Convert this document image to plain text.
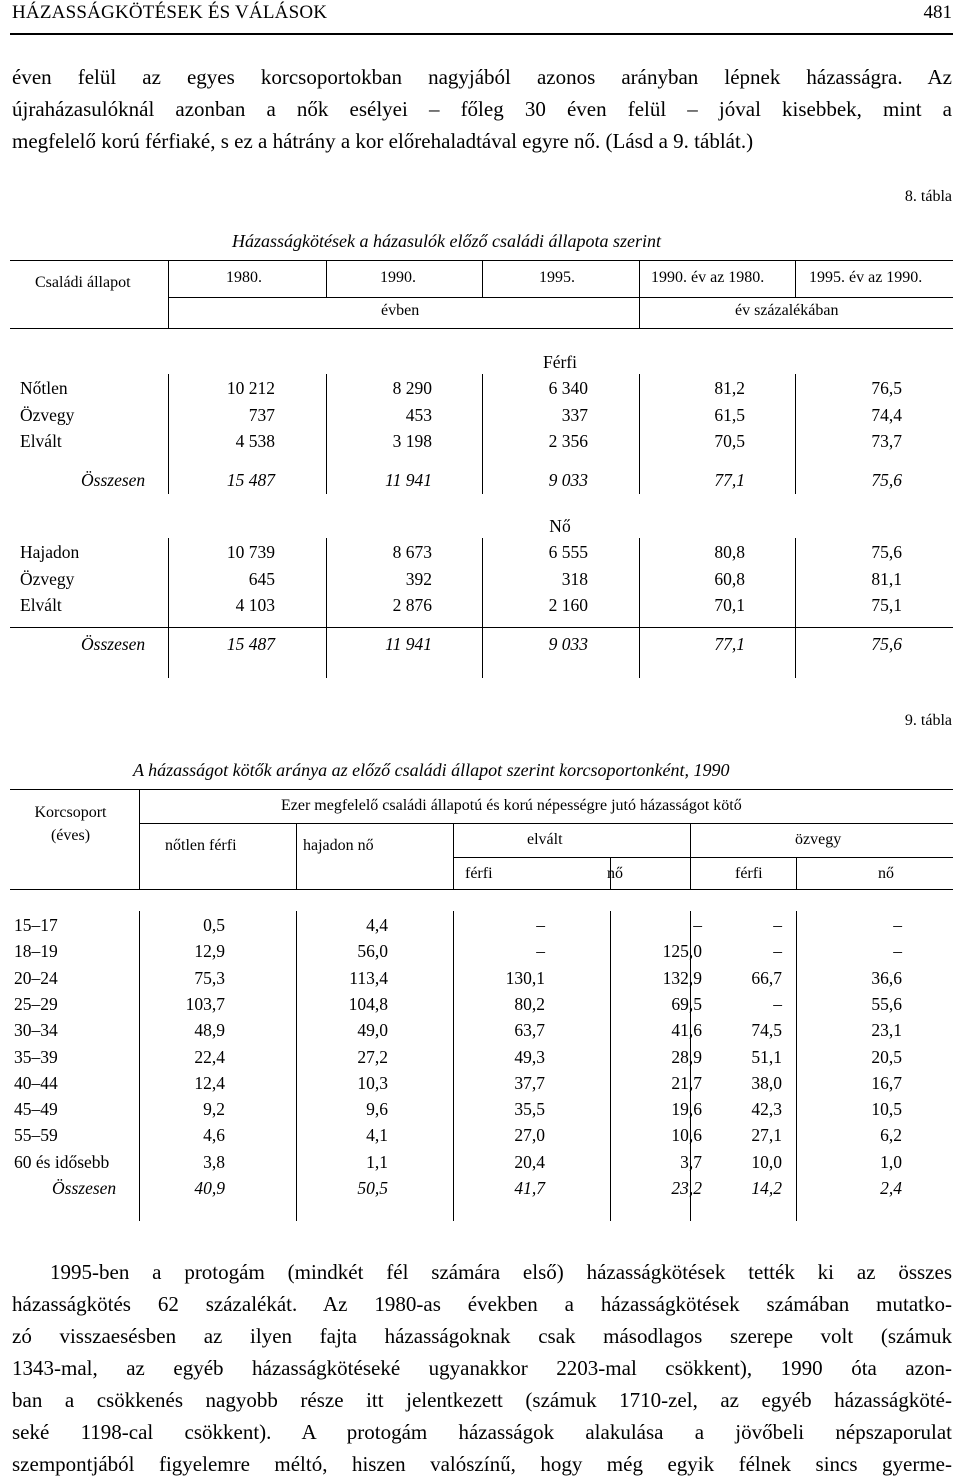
HÁZASSÁGKÖTÉSEK ÉS VÁLÁSOK	481
éven felül az egyes korcsoportokban nagyjából azonos arányban lépnek házasságra. Az
újraházasulóknál azonban a nők esélyei – főleg 30 éven felül – jóval kisebbek, mint a
megfelelő korú férfiaké, s ez a hátrány a kor előrehaladtával egyre nő. (Lásd a 9. táblát.)
8. tábla
Házasságkötések a házasulók előző családi állapota szerint
Családi állapot	1980.	1990.	1995.	1990. év az 1980.	1995. év az 1990.
évben	év százalékában
Férfi
Nőtlen	10 212	8 290	6 340	81,2	76,5
Özvegy	737	453	337	61,5	74,4
Elvált	4 538	3 198	2 356	70,5	73,7
Összesen	15 487	11 941	9 033	77,1	75,6
Nő
Hajadon	10 739	8 673	6 555	80,8	75,6
Özvegy	645	392	318	60,8	81,1
Elvált	4 103	2 876	2 160	70,1	75,1
Összesen	15 487	11 941	9 033	77,1	75,6
9. tábla
A házasságot kötők aránya az előző családi állapot szerint korcsoportonként, 1990
Korcsoport
(éves)
Ezer megfelelő családi állapotú és korú népességre jutó házasságot kötő
nőtlen férfi	hajadon nő	elvált	özvegy
férfi	nő	férfi	nő
15–17	0,5	4,4	–	–	–	–
18–19	12,9	56,0	–	125,0	–	–
20–24	75,3	113,4	130,1	132,9	66,7	36,6
25–29	103,7	104,8	80,2	69,5	–	55,6
30–34	48,9	49,0	63,7	41,6	74,5	23,1
35–39	22,4	27,2	49,3	28,9	51,1	20,5
40–44	12,4	10,3	37,7	21,7	38,0	16,7
45–49	9,2	9,6	35,5	19,6	42,3	10,5
55–59	4,6	4,1	27,0	10,6	27,1	6,2
60 és idősebb	3,8	1,1	20,4	3,7	10,0	1,0
Összesen	40,9	50,5	41,7	23,2	14,2	2,4
1995-ben a protogám (mindkét fél számára első) házasságkötések tették ki az összes
házasságkötés 62 százalékát. Az 1980-as években a házasságkötések számában mutatko-
zó visszaesésben az ilyen fajta házasságoknak csak másodlagos szerepe volt (számuk
1343-mal, az egyéb házasságkötéseké ugyanakkor 2203-mal csökkent), 1990 óta azon-
ban a csökkenés nagyobb része itt jelentkezett (számuk 1710-zel, az egyéb házasságköté-
seké 1198-cal csökkent). A protogám házasságok alakulása a jövőbeli népszaporulat
szempontjából figyelemre méltó, hiszen valószínű, hogy még egyik félnek sincs gyerme-
